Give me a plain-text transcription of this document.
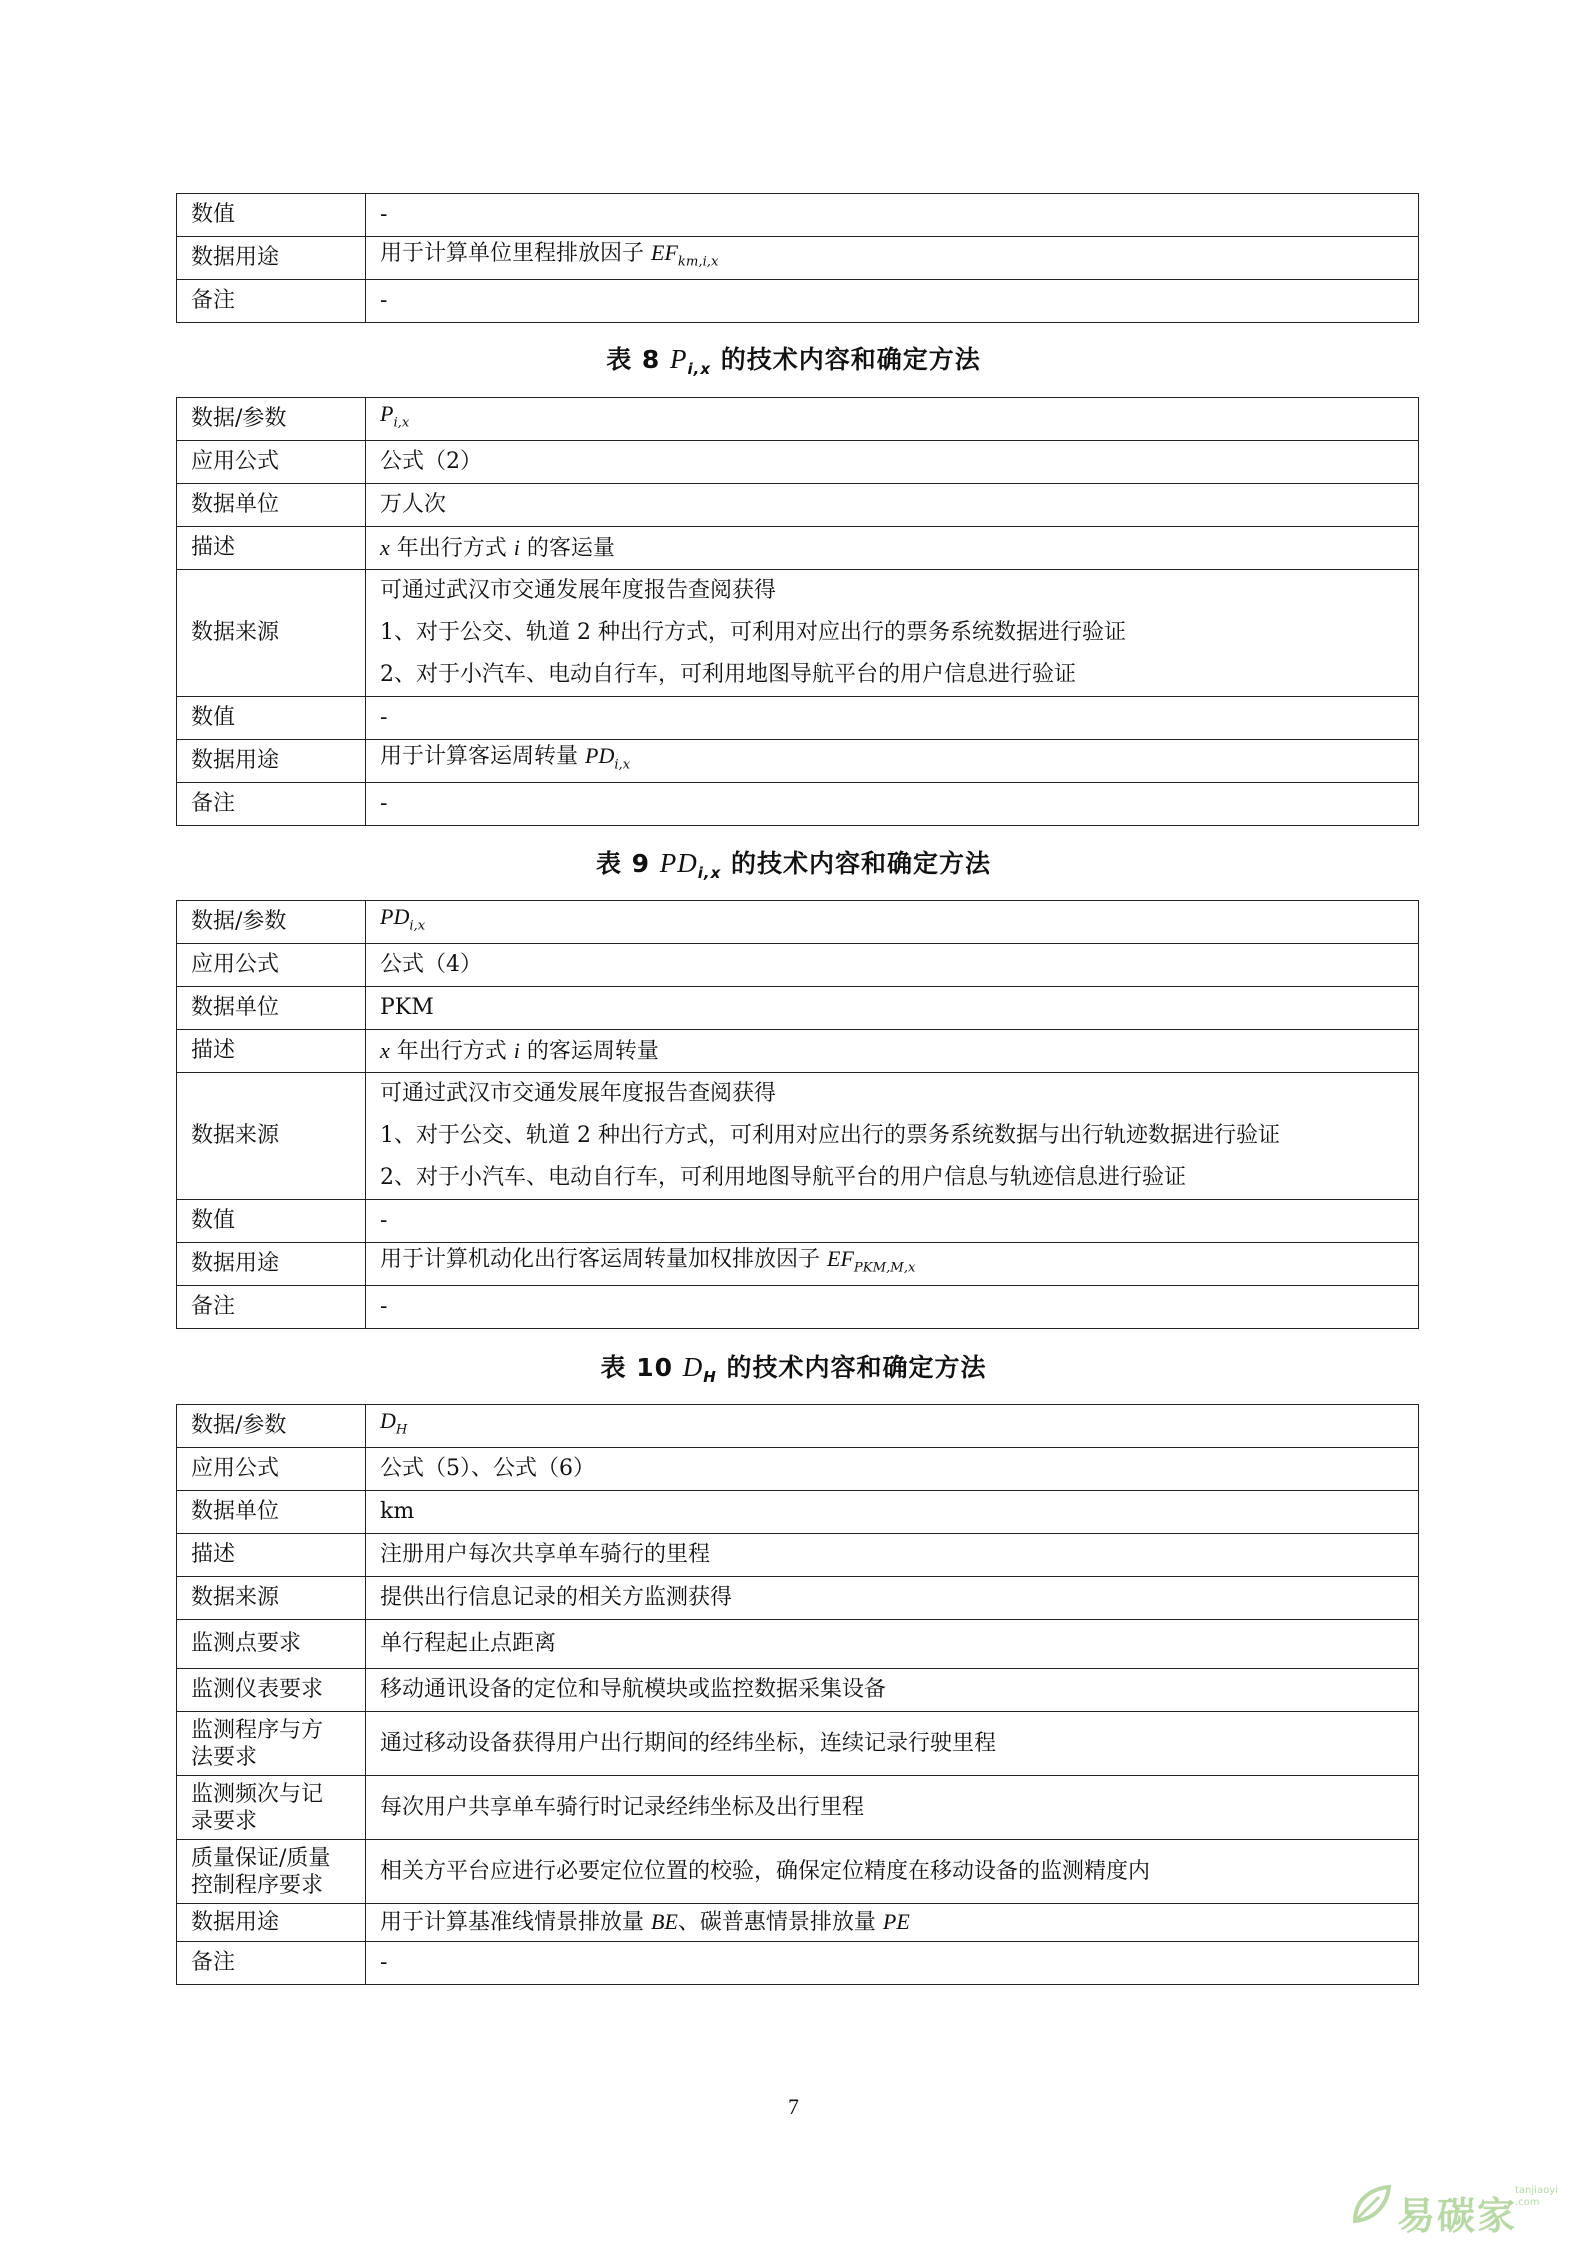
数值	-
数据用途	用于计算单位里程排放因子 $EF_{km,i,x}$
备注	-
表 8 $P_{i,x}$ 的技术内容和确定方法
数据/参数	$P_{i,x}$
应用公式	公式（2）
数据单位	万人次
描述	x 年出行方式 i 的客运量
数据来源	可通过武汉市交通发展年度报告查阅获得
1、对于公交、轨道 2 种出行方式，可利用对应出行的票务系统数据进行验证
2、对于小汽车、电动自行车，可利用地图导航平台的用户信息进行验证

数值	-
数据用途	用于计算客运周转量 $PD_{i,x}$
备注	-
表 9 $PD_{i,x}$ 的技术内容和确定方法
数据/参数	$PD_{i,x}$
应用公式	公式（4）
数据单位	PKM
描述	x 年出行方式 i 的客运周转量
数据来源	可通过武汉市交通发展年度报告查阅获得
1、对于公交、轨道 2 种出行方式，可利用对应出行的票务系统数据与出行轨迹数据进行验证
2、对于小汽车、电动自行车，可利用地图导航平台的用户信息与轨迹信息进行验证

数值	-
数据用途	用于计算机动化出行客运周转量加权排放因子 $EF_{PKM,M,x}$
备注	-
表 10 $D_H$ 的技术内容和确定方法
数据/参数	$D_H$
应用公式	公式（5）、公式（6）
数据单位	km
描述	注册用户每次共享单车骑行的里程
数据来源	提供出行信息记录的相关方监测获得
监测点要求	单行程起止点距离
监测仪表要求	移动通讯设备的定位和导航模块或监控数据采集设备
监测程序与方
法要求	通过移动设备获得用户出行期间的经纬坐标，连续记录行驶里程
监测频次与记
录要求	每次用户共享单车骑行时记录经纬坐标及出行里程
质量保证/质量
控制程序要求	相关方平台应进行必要定位位置的校验，确保定位精度在移动设备的监测精度内
数据用途	用于计算基准线情景排放量 BE、碳普惠情景排放量 PE
备注	-
7
易碳家
tanjiaoyi
.com
